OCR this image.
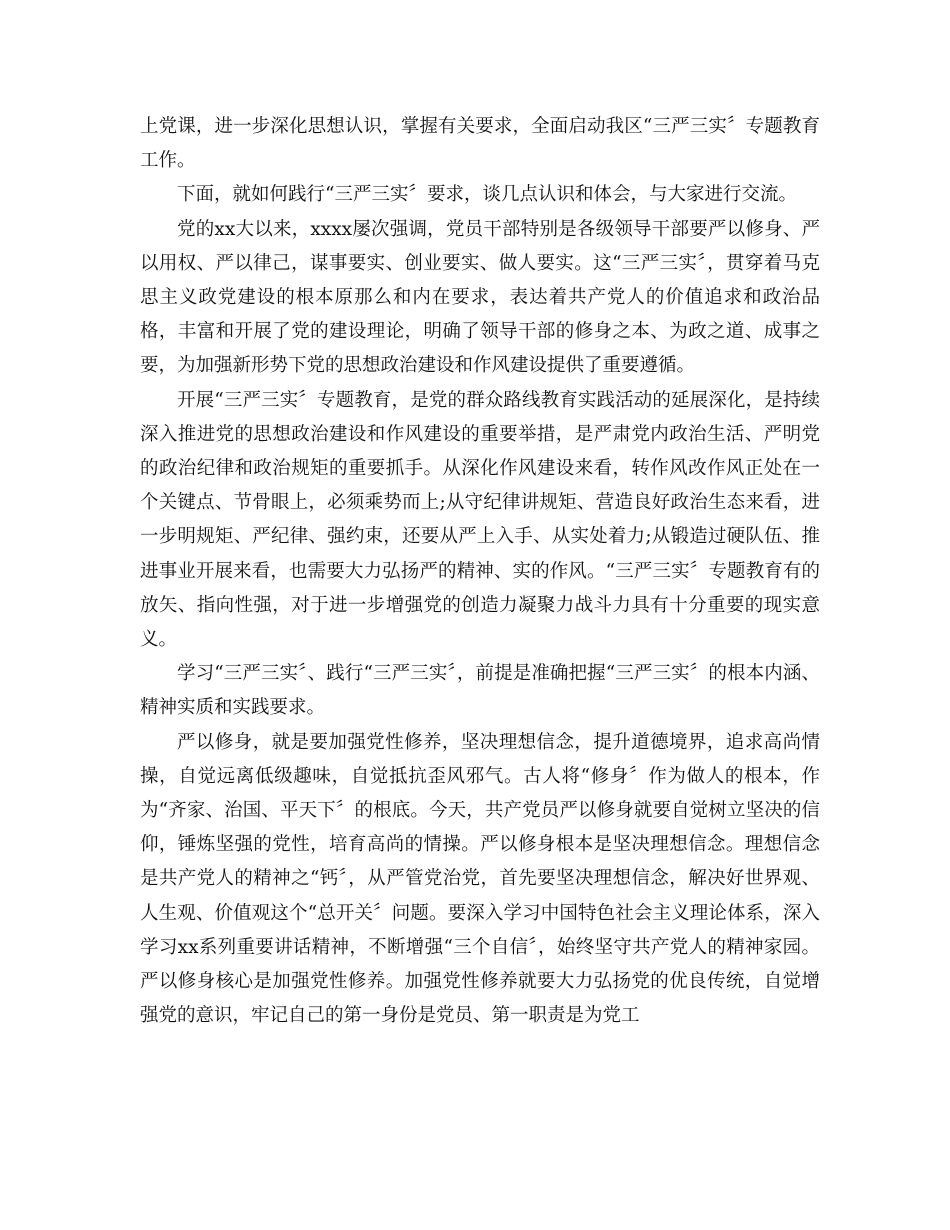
上党课，进一步深化思想认识，掌握有关要求，全面启动我区“三严三实〞专题教育工作。

下面，就如何践行“三严三实〞要求，谈几点认识和体会，与大家进行交流。

党的xx大以来，xxxx屡次强调，党员干部特别是各级领导干部要严以修身、严以用权、严以律己，谋事要实、创业要实、做人要实。这“三严三实〞，贯穿着马克思主义政党建设的根本原那么和内在要求，表达着共产党人的价值追求和政治品格，丰富和开展了党的建设理论，明确了领导干部的修身之本、为政之道、成事之要，为加强新形势下党的思想政治建设和作风建设提供了重要遵循。

开展“三严三实〞专题教育，是党的群众路线教育实践活动的延展深化，是持续深入推进党的思想政治建设和作风建设的重要举措，是严肃党内政治生活、严明党的政治纪律和政治规矩的重要抓手。从深化作风建设来看，转作风改作风正处在一个关键点、节骨眼上，必须乘势而上;从守纪律讲规矩、营造良好政治生态来看，进一步明规矩、严纪律、强约束，还要从严上入手、从实处着力;从锻造过硬队伍、推进事业开展来看，也需要大力弘扬严的精神、实的作风。“三严三实〞专题教育有的放矢、指向性强，对于进一步增强党的创造力凝聚力战斗力具有十分重要的现实意义。

学习“三严三实〞、践行“三严三实〞，前提是准确把握“三严三实〞的根本内涵、精神实质和实践要求。

严以修身，就是要加强党性修养，坚决理想信念，提升道德境界，追求高尚情操，自觉远离低级趣味，自觉抵抗歪风邪气。古人将“修身〞作为做人的根本，作为“齐家、治国、平天下〞的根底。今天，共产党员严以修身就要自觉树立坚决的信仰，锤炼坚强的党性，培育高尚的情操。严以修身根本是坚决理想信念。理想信念是共产党人的精神之“钙〞，从严管党治党，首先要坚决理想信念，解决好世界观、人生观、价值观这个“总开关〞问题。要深入学习中国特色社会主义理论体系，深入学习xx系列重要讲话精神，不断增强“三个自信〞，始终坚守共产党人的精神家园。严以修身核心是加强党性修养。加强党性修养就要大力弘扬党的优良传统，自觉增强党的意识，牢记自己的第一身份是党员、第一职责是为党工
